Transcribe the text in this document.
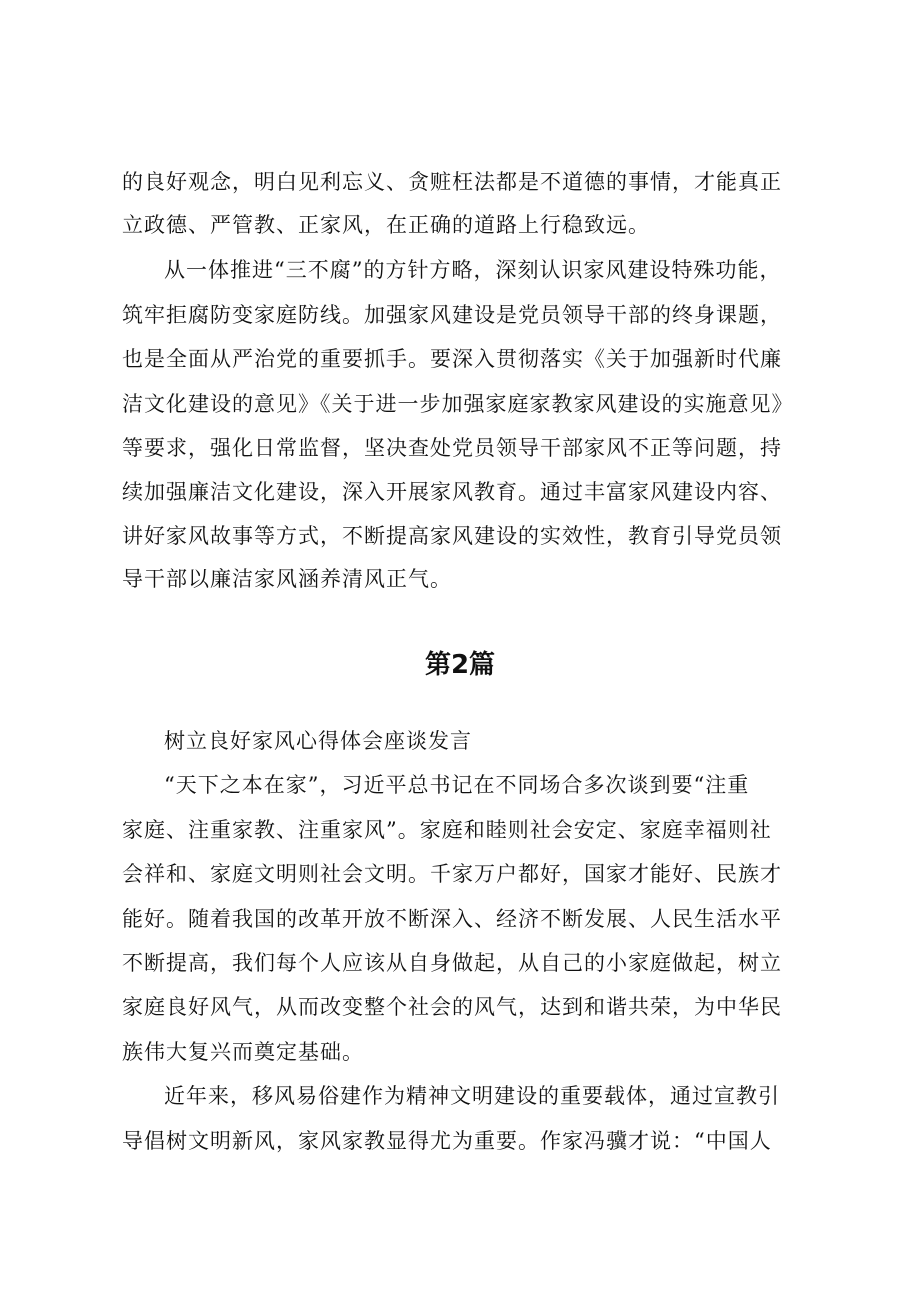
的良好观念，明白见利忘义、贪赃枉法都是不道德的事情，才能真正
立政德、严管教、正家风，在正确的道路上行稳致远。
从一体推进“三不腐”的方针方略，深刻认识家风建设特殊功能，
筑牢拒腐防变家庭防线。加强家风建设是党员领导干部的终身课题，
也是全面从严治党的重要抓手。要深入贯彻落实《关于加强新时代廉
洁文化建设的意见》《关于进一步加强家庭家教家风建设的实施意见》
等要求，强化日常监督，坚决查处党员领导干部家风不正等问题，持
续加强廉洁文化建设，深入开展家风教育。通过丰富家风建设内容、
讲好家风故事等方式，不断提高家风建设的实效性，教育引导党员领
导干部以廉洁家风涵养清风正气。
第2篇
树立良好家风心得体会座谈发言
“天下之本在家”，习近平总书记在不同场合多次谈到要“注重
家庭、注重家教、注重家风”。家庭和睦则社会安定、家庭幸福则社
会祥和、家庭文明则社会文明。千家万户都好，国家才能好、民族才
能好。随着我国的改革开放不断深入、经济不断发展、人民生活水平
不断提高，我们每个人应该从自身做起，从自己的小家庭做起，树立
家庭良好风气，从而改变整个社会的风气，达到和谐共荣，为中华民
族伟大复兴而奠定基础。
近年来，移风易俗建作为精神文明建设的重要载体，通过宣教引
导倡树文明新风，家风家教显得尤为重要。作家冯骥才说：“中国人
